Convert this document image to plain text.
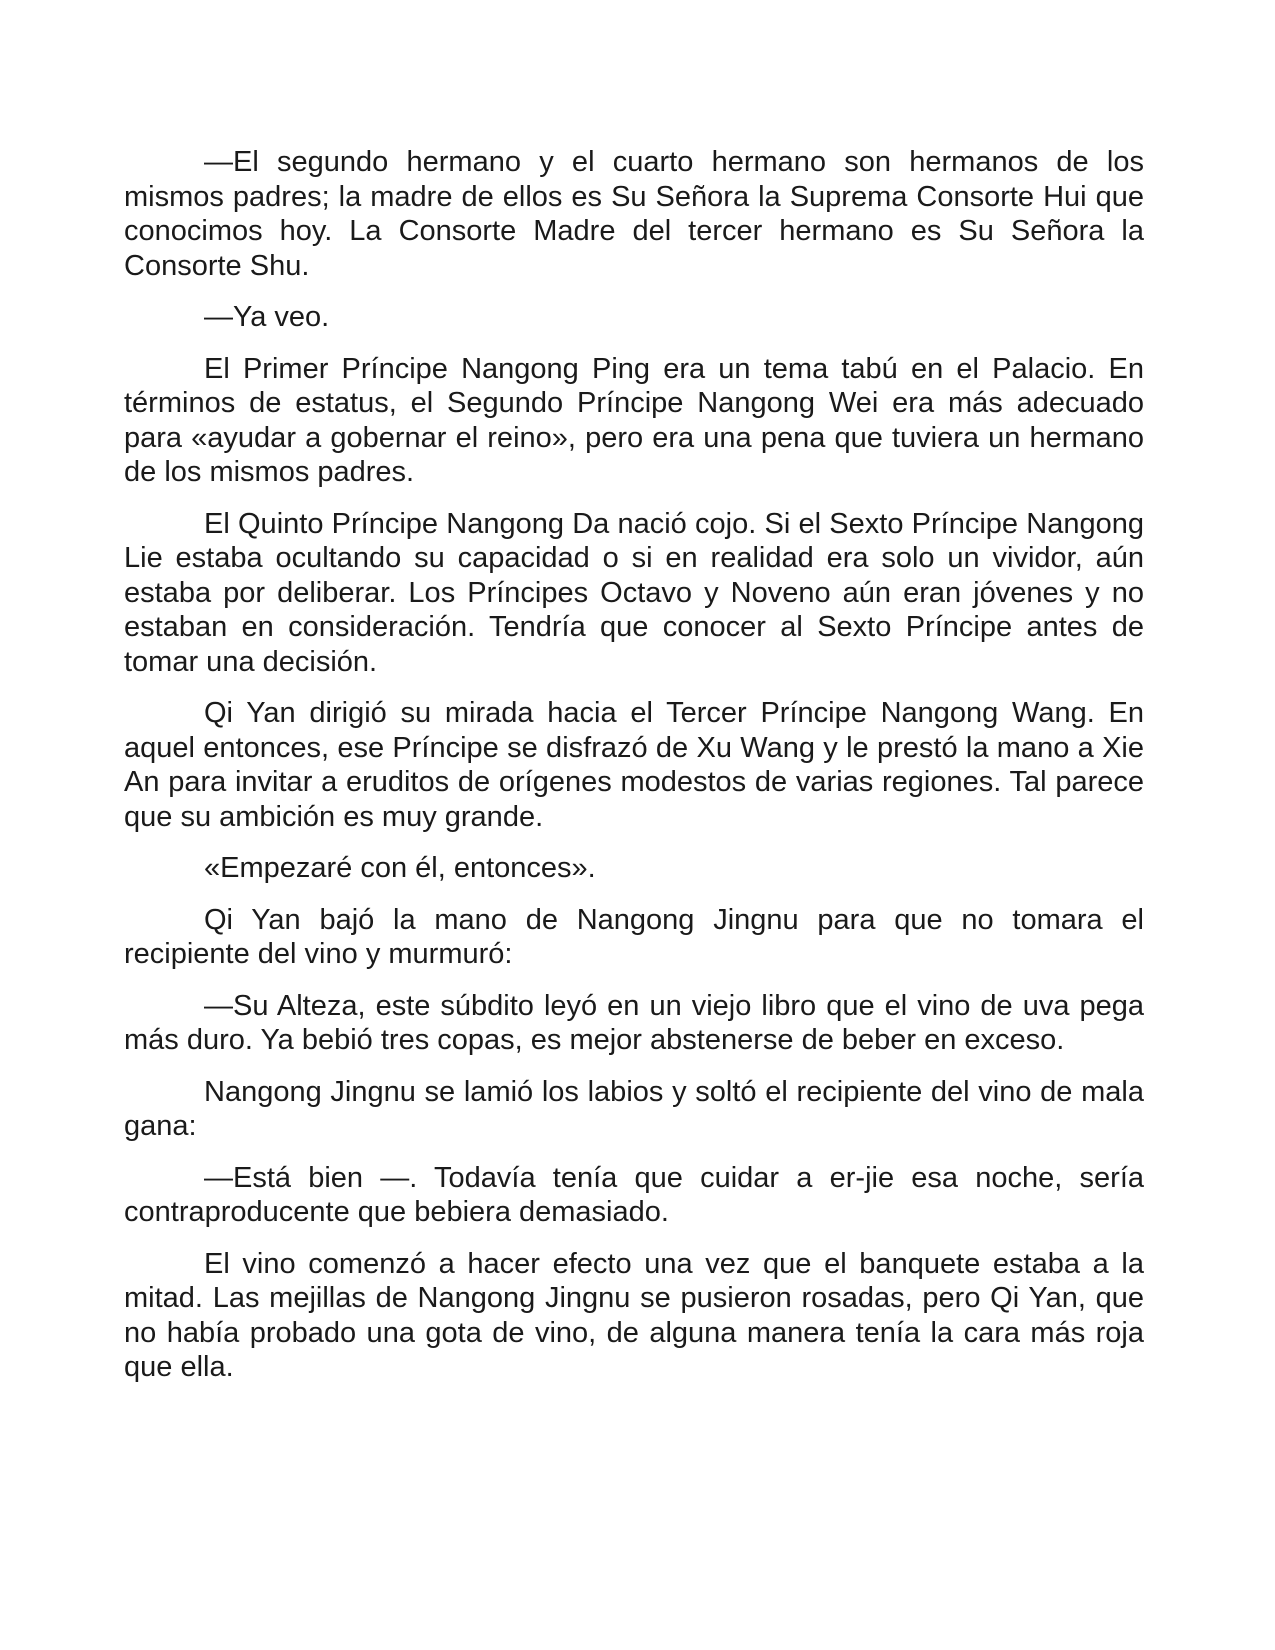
—El segundo hermano y el cuarto hermano son hermanos de los mismos padres; la madre de ellos es Su Señora la Suprema Consorte Hui que conocimos hoy. La Consorte Madre del tercer hermano es Su Señora la Consorte Shu.

—Ya veo.

El Primer Príncipe Nangong Ping era un tema tabú en el Palacio. En términos de estatus, el Segundo Príncipe Nangong Wei era más adecuado para «ayudar a gobernar el reino», pero era una pena que tuviera un hermano de los mismos padres.

El Quinto Príncipe Nangong Da nació cojo. Si el Sexto Príncipe Nangong Lie estaba ocultando su capacidad o si en realidad era solo un vividor, aún estaba por deliberar. Los Príncipes Octavo y Noveno aún eran jóvenes y no estaban en consideración. Tendría que conocer al Sexto Príncipe antes de tomar una decisión.

Qi Yan dirigió su mirada hacia el Tercer Príncipe Nangong Wang. En aquel entonces, ese Príncipe se disfrazó de Xu Wang y le prestó la mano a Xie An para invitar a eruditos de orígenes modestos de varias regiones. Tal parece que su ambición es muy grande.

«Empezaré con él, entonces».

Qi Yan bajó la mano de Nangong Jingnu para que no tomara el recipiente del vino y murmuró:

—Su Alteza, este súbdito leyó en un viejo libro que el vino de uva pega más duro. Ya bebió tres copas, es mejor abstenerse de beber en exceso.

Nangong Jingnu se lamió los labios y soltó el recipiente del vino de mala gana:

—Está bien —. Todavía tenía que cuidar a er-jie esa noche, sería contraproducente que bebiera demasiado.

El vino comenzó a hacer efecto una vez que el banquete estaba a la mitad. Las mejillas de Nangong Jingnu se pusieron rosadas, pero Qi Yan, que no había probado una gota de vino, de alguna manera tenía la cara más roja que ella.
